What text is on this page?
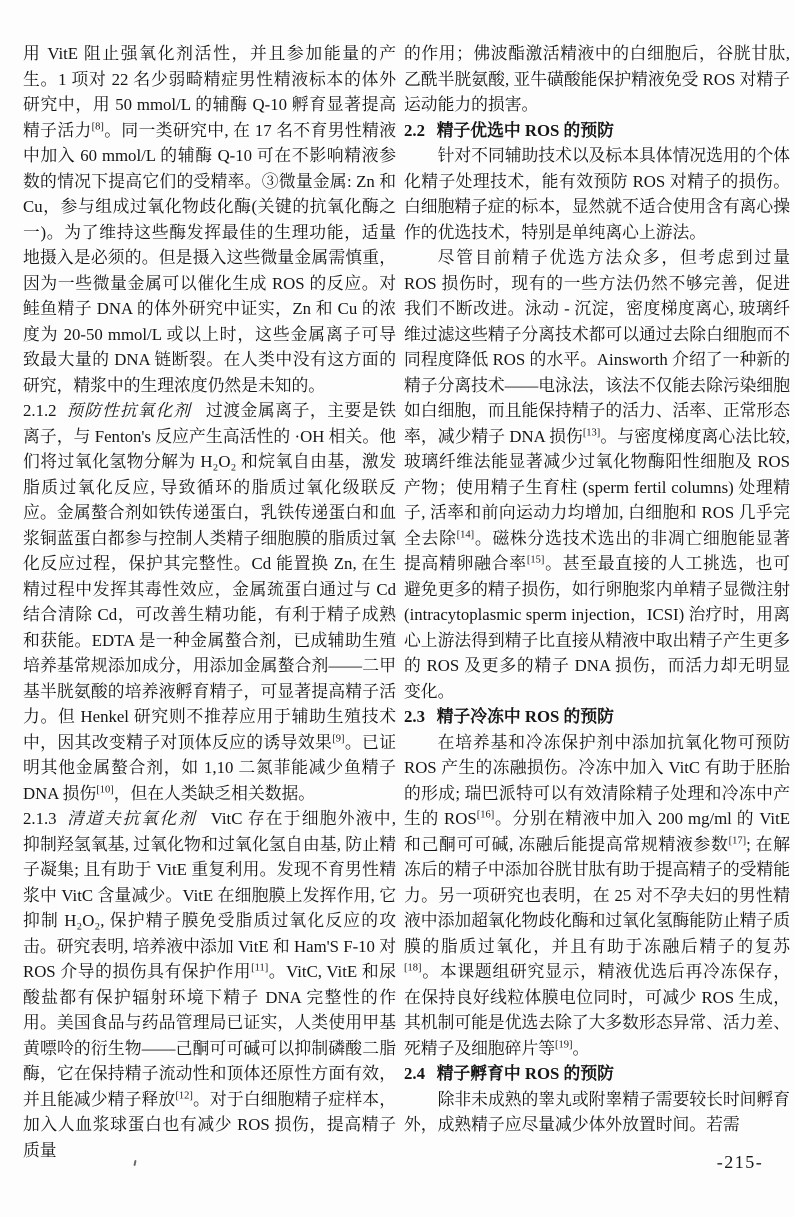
用 VitE 阻止强氧化剂活性，并且参加能量的产生。1 项对 22 名少弱畸精症男性精液标本的体外研究中，用 50 mmol/L 的辅酶 Q-10 孵育显著提高精子活力[8]。同一类研究中, 在 17 名不育男性精液中加入 60 mmol/L 的辅酶 Q-10 可在不影响精液参数的情况下提高它们的受精率。③微量金属: Zn 和 Cu，参与组成过氧化物歧化酶(关键的抗氧化酶之一)。为了维持这些酶发挥最佳的生理功能，适量地摄入是必须的。但是摄入这些微量金属需慎重，因为一些微量金属可以催化生成 ROS 的反应。对鲑鱼精子 DNA 的体外研究中证实，Zn 和 Cu 的浓度为 20-50 mmol/L 或以上时，这些金属离子可导致最大量的 DNA 链断裂。在人类中没有这方面的研究，精浆中的生理浓度仍然是未知的。

2.1.2 预防性抗氧化剂 过渡金属离子，主要是铁离子，与 Fenton's 反应产生高活性的 ·OH 相关。他们将过氧化氢物分解为 H₂O₂ 和烷氧自由基，激发脂质过氧化反应, 导致循环的脂质过氧化级联反应。金属螯合剂如铁传递蛋白，乳铁传递蛋白和血浆铜蓝蛋白都参与控制人类精子细胞膜的脂质过氧化反应过程，保护其完整性。Cd 能置换 Zn, 在生精过程中发挥其毒性效应，金属巯蛋白通过与 Cd 结合清除 Cd，可改善生精功能，有利于精子成熟和获能。EDTA 是一种金属螯合剂，已成辅助生殖培养基常规添加成分，用添加金属螯合剂——二甲基半胱氨酸的培养液孵育精子，可显著提高精子活力。但 Henkel 研究则不推荐应用于辅助生殖技术中，因其改变精子对顶体反应的诱导效果[9]。已证明其他金属螯合剂，如 1,10 二氮菲能减少鱼精子 DNA 损伤[10]，但在人类缺乏相关数据。

2.1.3 清道夫抗氧化剂 VitC 存在于细胞外液中, 抑制羟氢氧基, 过氧化物和过氧化氢自由基, 防止精子凝集; 且有助于 VitE 重复利用。发现不育男性精浆中 VitC 含量减少。VitE 在细胞膜上发挥作用, 它抑制 H₂O₂, 保护精子膜免受脂质过氧化反应的攻击。研究表明, 培养液中添加 VitE 和 Ham'S F-10 对 ROS 介导的损伤具有保护作用[11]。VitC, VitE 和尿酸盐都有保护辐射环境下精子 DNA 完整性的作用。美国食品与药品管理局已证实，人类使用甲基黄嘌呤的衍生物——己酮可可碱可以抑制磷酸二脂酶，它在保持精子流动性和顶体还原性方面有效，并且能减少精子释放[12]。对于白细胞精子症样本，加入人血浆球蛋白也有减少 ROS 损伤，提高精子质量

的作用；佛波酯激活精液中的白细胞后，谷胱甘肽, 乙酰半胱氨酸, 亚牛磺酸能保护精液免受 ROS 对精子运动能力的损害。

2.2 精子优选中 ROS 的预防

针对不同辅助技术以及标本具体情况选用的个体化精子处理技术，能有效预防 ROS 对精子的损伤。白细胞精子症的标本，显然就不适合使用含有离心操作的优选技术，特别是单纯离心上游法。

尽管目前精子优选方法众多，但考虑到过量 ROS 损伤时，现有的一些方法仍然不够完善，促进我们不断改进。泳动 - 沉淀，密度梯度离心, 玻璃纤维过滤这些精子分离技术都可以通过去除白细胞而不同程度降低 ROS 的水平。Ainsworth 介绍了一种新的精子分离技术——电泳法，该法不仅能去除污染细胞如白细胞，而且能保持精子的活力、活率、正常形态率，减少精子 DNA 损伤[13]。与密度梯度离心法比较, 玻璃纤维法能显著减少过氧化物酶阳性细胞及 ROS 产物；使用精子生育柱 (sperm fertil columns) 处理精子, 活率和前向运动力均增加, 白细胞和 ROS 几乎完全去除[14]。磁株分选技术选出的非凋亡细胞能显著提高精卵融合率[15]。甚至最直接的人工挑选，也可避免更多的精子损伤，如行卵胞浆内单精子显微注射 (intracytoplasmic sperm injection，ICSI) 治疗时，用离心上游法得到精子比直接从精液中取出精子产生更多的 ROS 及更多的精子 DNA 损伤，而活力却无明显变化。

2.3 精子冷冻中 ROS 的预防

在培养基和冷冻保护剂中添加抗氧化物可预防 ROS 产生的冻融损伤。冷冻中加入 VitC 有助于胚胎的形成; 瑞巴派特可以有效清除精子处理和冷冻中产生的 ROS[16]。分别在精液中加入 200 mg/ml 的 VitE 和己酮可可碱, 冻融后能提高常规精液参数[17]; 在解冻后的精子中添加谷胱甘肽有助于提高精子的受精能力。另一项研究也表明，在 25 对不孕夫妇的男性精液中添加超氧化物歧化酶和过氧化氢酶能防止精子质膜的脂质过氧化，并且有助于冻融后精子的复苏[18]。本课题组研究显示，精液优选后再冷冻保存，在保持良好线粒体膜电位同时，可减少 ROS 生成，其机制可能是优选去除了大多数形态异常、活力差、死精子及细胞碎片等[19]。

2.4 精子孵育中 ROS 的预防

除非未成熟的睾丸或附睾精子需要较长时间孵育外，成熟精子应尽量减少体外放置时间。若需

-215-
